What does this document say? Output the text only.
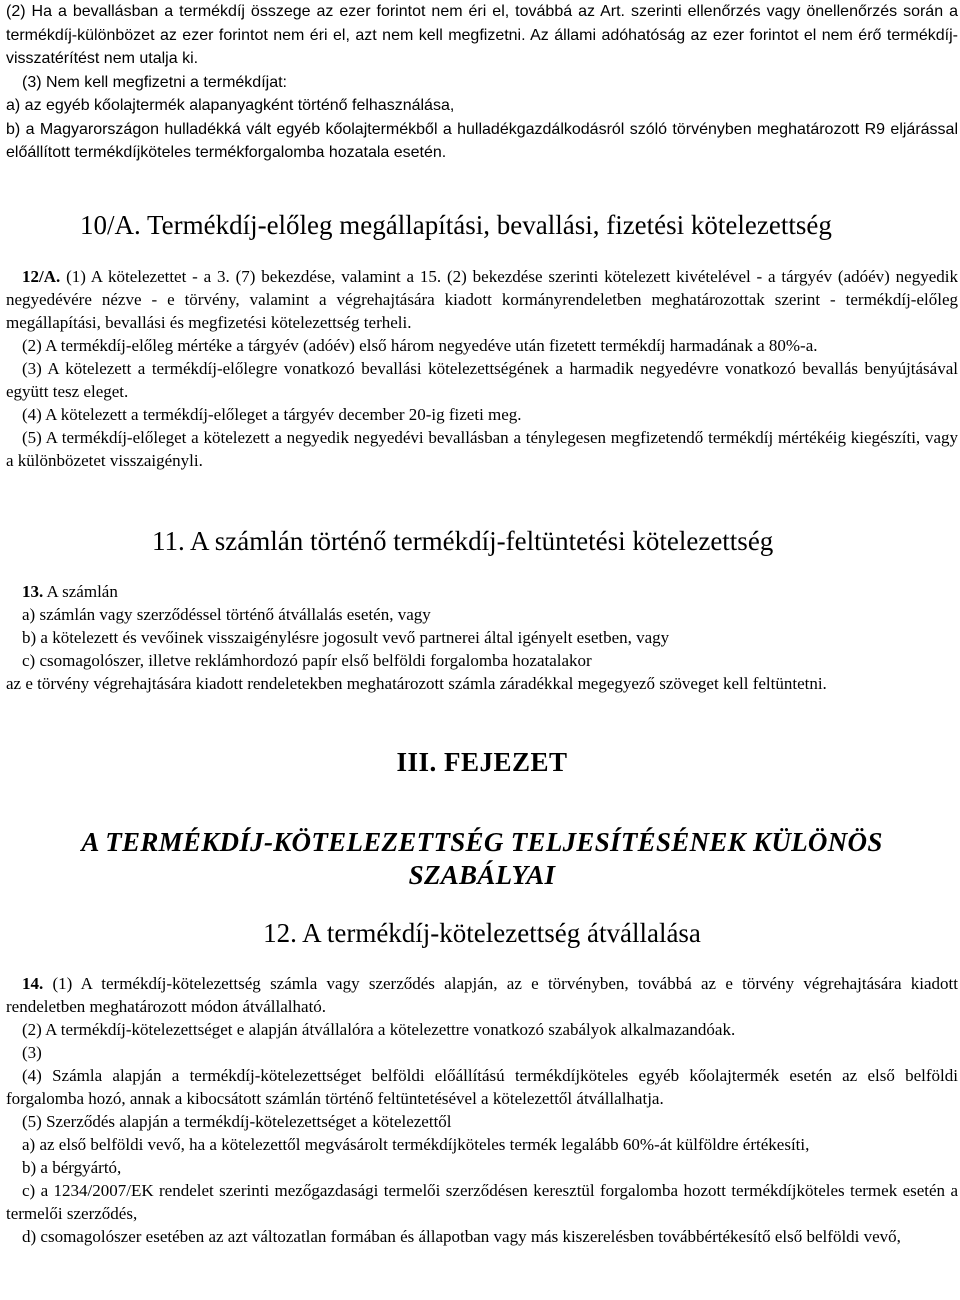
(2) Ha a bevallásban a termékdíj összege az ezer forintot nem éri el, továbbá az Art. szerinti ellenőrzés vagy önellenőrzés során a termékdíj-különbözet az ezer forintot nem éri el, azt nem kell megfizetni. Az állami adóhatóság az ezer forintot el nem érő termékdíj-visszatérítést nem utalja ki.

(3) Nem kell megfizetni a termékdíjat:

a) az egyéb kőolajtermék alapanyagként történő felhasználása,

b) a Magyarországon hulladékká vált egyéb kőolajtermékből a hulladékgazdálkodásról szóló törvényben meghatározott R9 eljárással előállított termékdíjköteles termékforgalomba hozatala esetén.

10/A. Termékdíj-előleg megállapítási, bevallási, fizetési kötelezettség

12/A. (1) A kötelezettet - a 3. (7) bekezdése, valamint a 15. (2) bekezdése szerinti kötelezett kivételével - a tárgyév (adóév) negyedik negyedévére nézve - e törvény, valamint a végrehajtására kiadott kormányrendeletben meghatározottak szerint - termékdíj-előleg megállapítási, bevallási és megfizetési kötelezettség terheli.

(2) A termékdíj-előleg mértéke a tárgyév (adóév) első három negyedéve után fizetett termékdíj harmadának a 80%-a.

(3) A kötelezett a termékdíj-előlegre vonatkozó bevallási kötelezettségének a harmadik negyedévre vonatkozó bevallás benyújtásával együtt tesz eleget.

(4) A kötelezett a termékdíj-előleget a tárgyév december 20-ig fizeti meg.

(5) A termékdíj-előleget a kötelezett a negyedik negyedévi bevallásban a ténylegesen megfizetendő termékdíj mértékéig kiegészíti, vagy a különbözetet visszaigényli.

11. A számlán történő termékdíj-feltüntetési kötelezettség

13. A számlán

a) számlán vagy szerződéssel történő átvállalás esetén, vagy

b) a kötelezett és vevőinek visszaigénylésre jogosult vevő partnerei által igényelt esetben, vagy

c) csomagolószer, illetve reklámhordozó papír első belföldi forgalomba hozatalakor

az e törvény végrehajtására kiadott rendeletekben meghatározott számla záradékkal megegyező szöveget kell feltüntetni.

III. FEJEZET
A TERMÉKDÍJ-KÖTELEZETTSÉG TELJESÍTÉSÉNEK KÜLÖNÖS SZABÁLYAI
12. A termékdíj-kötelezettség átvállalása

14. (1) A termékdíj-kötelezettség számla vagy szerződés alapján, az e törvényben, továbbá az e törvény végrehajtására kiadott rendeletben meghatározott módon átvállalható.

(2) A termékdíj-kötelezettséget e alapján átvállalóra a kötelezettre vonatkozó szabályok alkalmazandóak.

(3)

(4) Számla alapján a termékdíj-kötelezettséget belföldi előállítású termékdíjköteles egyéb kőolajtermék esetén az első belföldi forgalomba hozó, annak a kibocsátott számlán történő feltüntetésével a kötelezettől átvállalhatja.

(5) Szerződés alapján a termékdíj-kötelezettséget a kötelezettől

a) az első belföldi vevő, ha a kötelezettől megvásárolt termékdíjköteles termék legalább 60%-át külföldre értékesíti,

b) a bérgyártó,

c) a 1234/2007/EK rendelet szerinti mezőgazdasági termelői szerződésen keresztül forgalomba hozott termékdíjköteles termek esetén a termelői szerződés,

d) csomagolószer esetében az azt változatlan formában és állapotban vagy más kiszerelésben továbbértékesítő első belföldi vevő,
